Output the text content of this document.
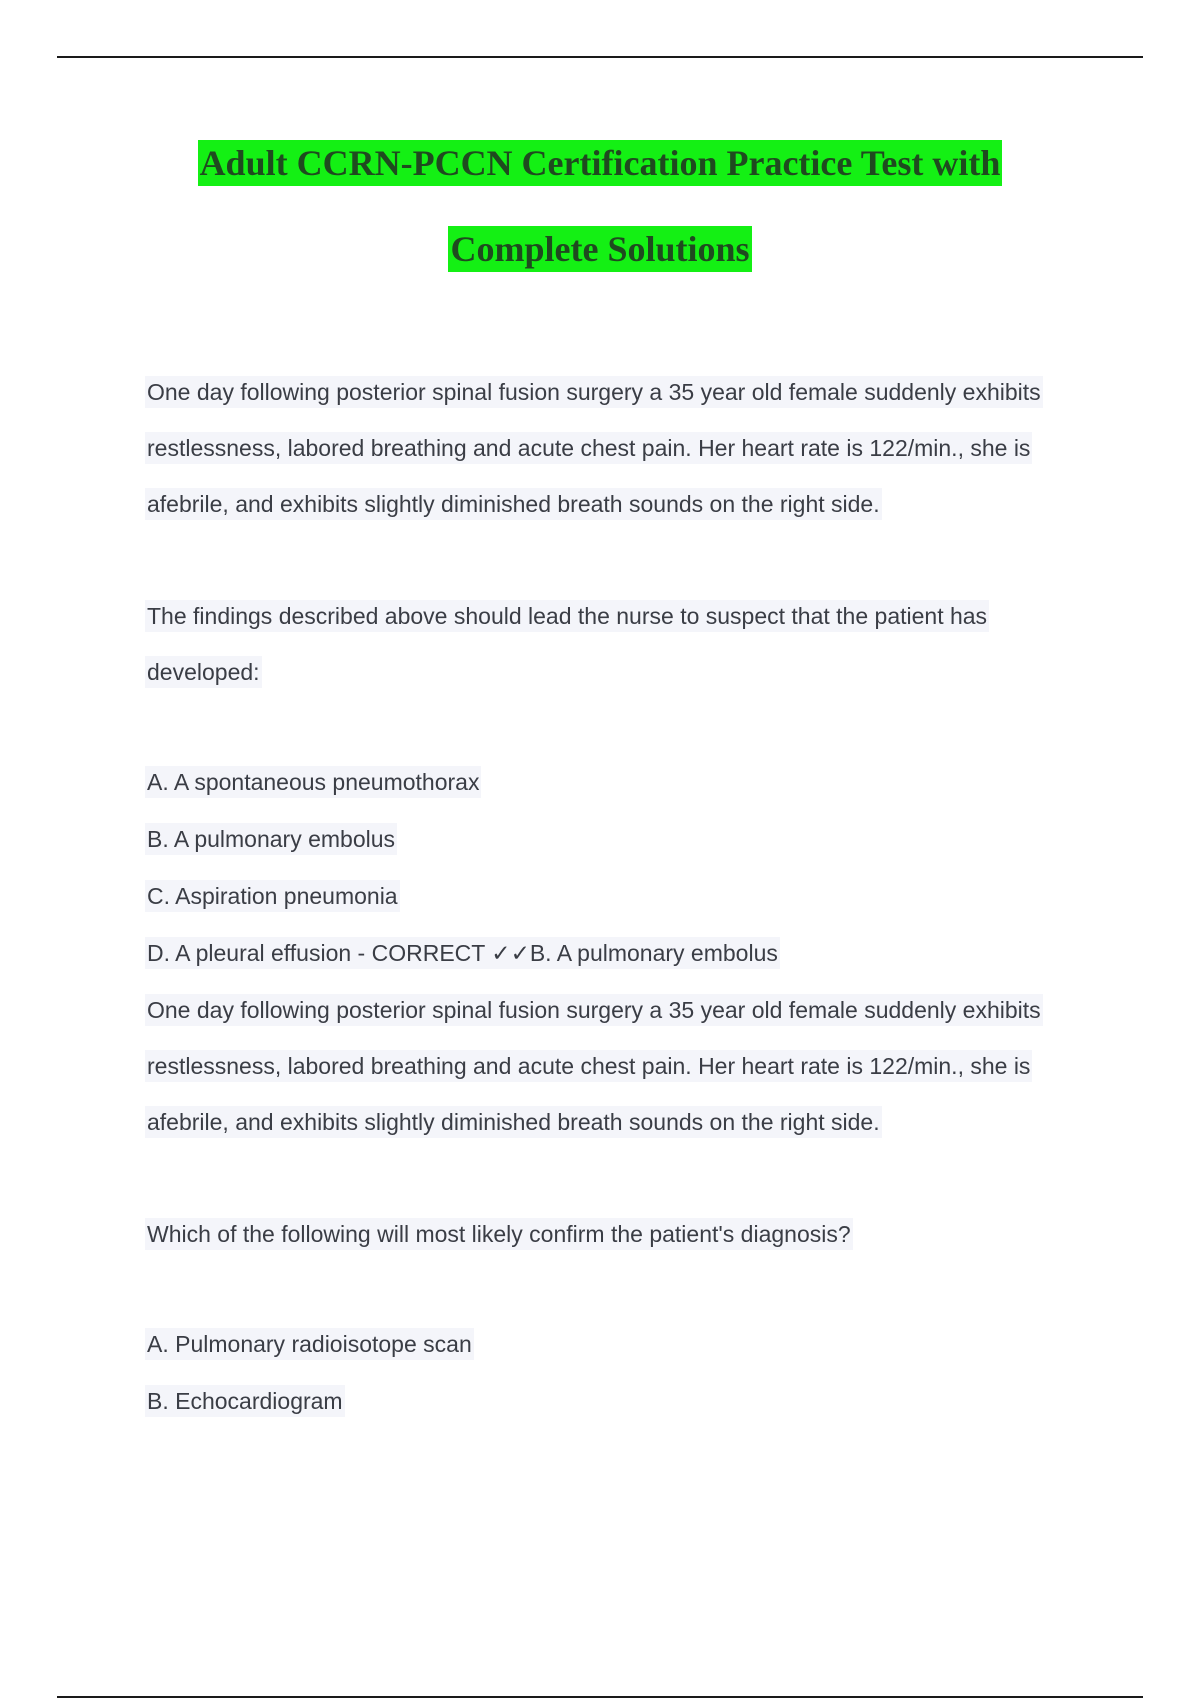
Adult CCRN-PCCN Certification Practice Test with
Complete Solutions
One day following posterior spinal fusion surgery a 35 year old female suddenly exhibits
restlessness, labored breathing and acute chest pain. Her heart rate is 122/min., she is
afebrile, and exhibits slightly diminished breath sounds on the right side.
The findings described above should lead the nurse to suspect that the patient has
developed:
A. A spontaneous pneumothorax
B. A pulmonary embolus
C. Aspiration pneumonia
D. A pleural effusion - CORRECT ✓✓B. A pulmonary embolus
One day following posterior spinal fusion surgery a 35 year old female suddenly exhibits
restlessness, labored breathing and acute chest pain. Her heart rate is 122/min., she is
afebrile, and exhibits slightly diminished breath sounds on the right side.
Which of the following will most likely confirm the patient's diagnosis?
A. Pulmonary radioisotope scan
B. Echocardiogram
